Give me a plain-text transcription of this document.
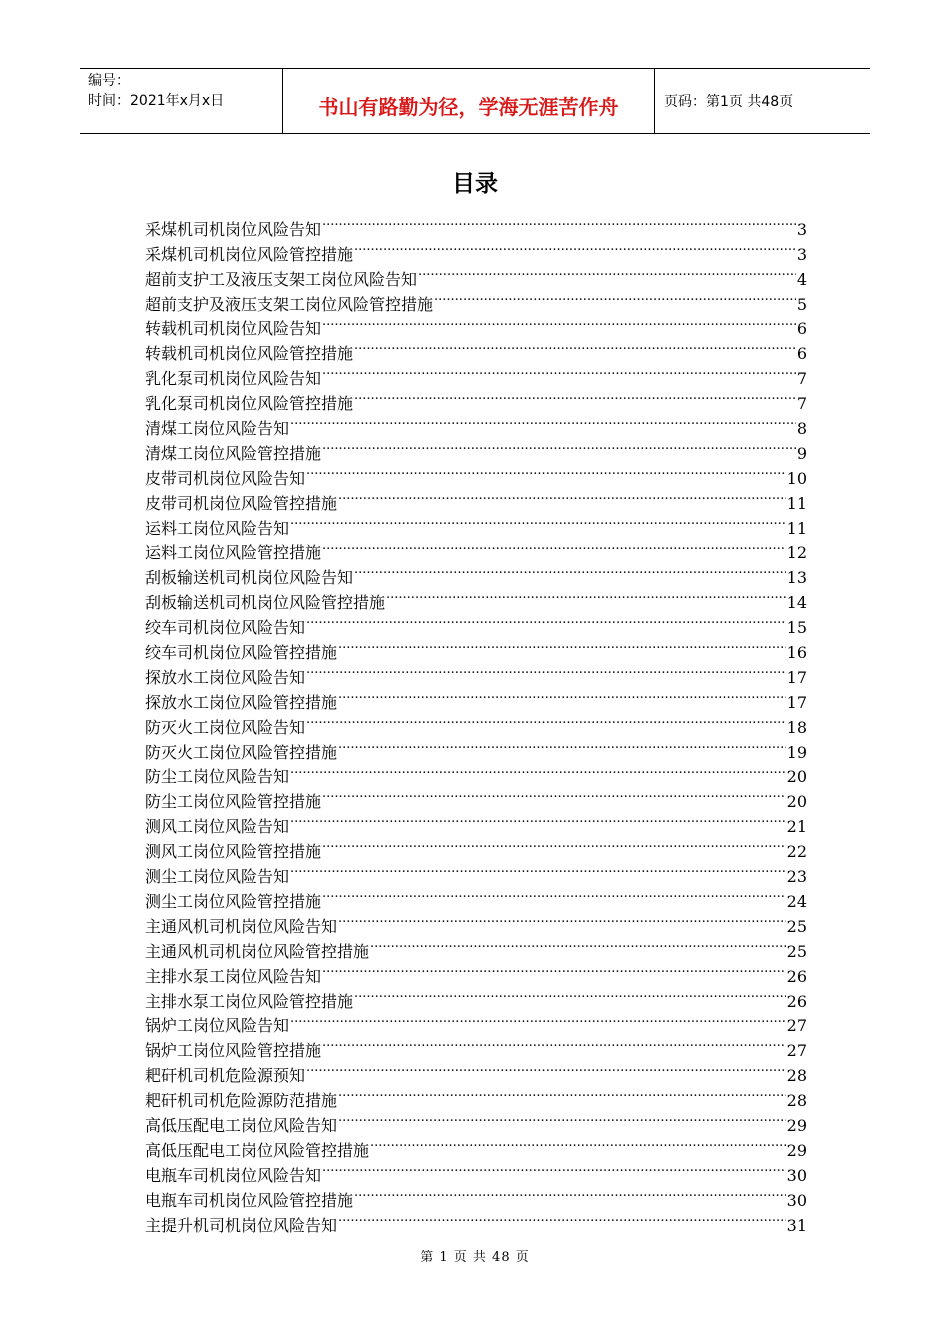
编号：
时间：2021年x月x日	书山有路勤为径，学海无涯苦作舟	页码：第1页 共48页
目录
采煤机司机岗位风险告知 .....	3
采煤机司机岗位风险管控措施 .....	3
超前支护工及液压支架工岗位风险告知 .....	4
超前支护及液压支架工岗位风险管控措施 .....	5
转载机司机岗位风险告知 .....	6
转载机司机岗位风险管控措施 .....	6
乳化泵司机岗位风险告知 .....	7
乳化泵司机岗位风险管控措施 .....	7
清煤工岗位风险告知 .....	8
清煤工岗位风险管控措施 .....	9
皮带司机岗位风险告知 .....	10
皮带司机岗位风险管控措施 .....	11
运料工岗位风险告知 .....	11
运料工岗位风险管控措施 .....	12
刮板输送机司机岗位风险告知 .....	13
刮板输送机司机岗位风险管控措施 .....	14
绞车司机岗位风险告知 .....	15
绞车司机岗位风险管控措施 .....	16
探放水工岗位风险告知 .....	17
探放水工岗位风险管控措施 .....	17
防灭火工岗位风险告知 .....	18
防灭火工岗位风险管控措施 .....	19
防尘工岗位风险告知 .....	20
防尘工岗位风险管控措施 .....	20
测风工岗位风险告知 .....	21
测风工岗位风险管控措施 .....	22
测尘工岗位风险告知 .....	23
测尘工岗位风险管控措施 .....	24
主通风机司机岗位风险告知 .....	25
主通风机司机岗位风险管控措施 .....	25
主排水泵工岗位风险告知 .....	26
主排水泵工岗位风险管控措施 .....	26
锅炉工岗位风险告知 .....	27
锅炉工岗位风险管控措施 .....	27
耙矸机司机危险源预知 .....	28
耙矸机司机危险源防范措施 .....	28
高低压配电工岗位风险告知 .....	29
高低压配电工岗位风险管控措施 .....	29
电瓶车司机岗位风险告知 .....	30
电瓶车司机岗位风险管控措施 .....	30
主提升机司机岗位风险告知 .....	31
第 1 页 共 48 页
